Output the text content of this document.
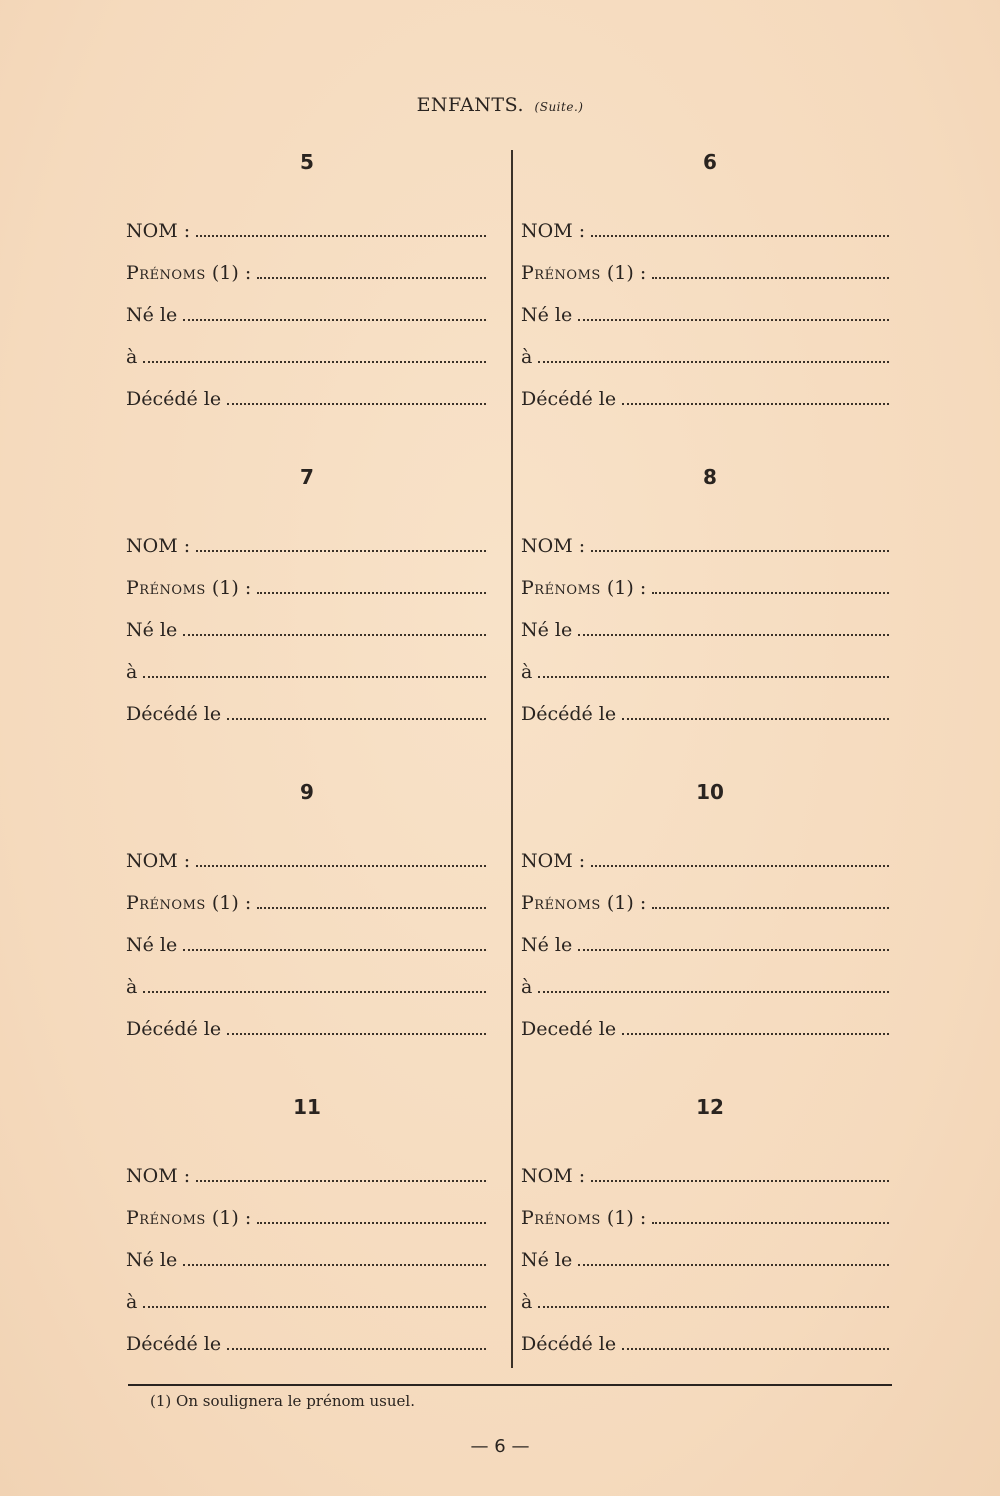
ENFANTS. (Suite.)
5
NOM :
Prénoms (1) :
Né le
à
Décédé le
6
NOM :
Prénoms (1) :
Né le
à
Décédé le
7
NOM :
Prénoms (1) :
Né le
à
Décédé le
8
NOM :
Prénoms (1) :
Né le
à
Décédé le
9
NOM :
Prénoms (1) :
Né le
à
Décédé le
10
NOM :
Prénoms (1) :
Né le
à
Decedé le
11
NOM :
Prénoms (1) :
Né le
à
Décédé le
12
NOM :
Prénoms (1) :
Né le
à
Décédé le
(1) On soulignera le prénom usuel.
— 6 —
